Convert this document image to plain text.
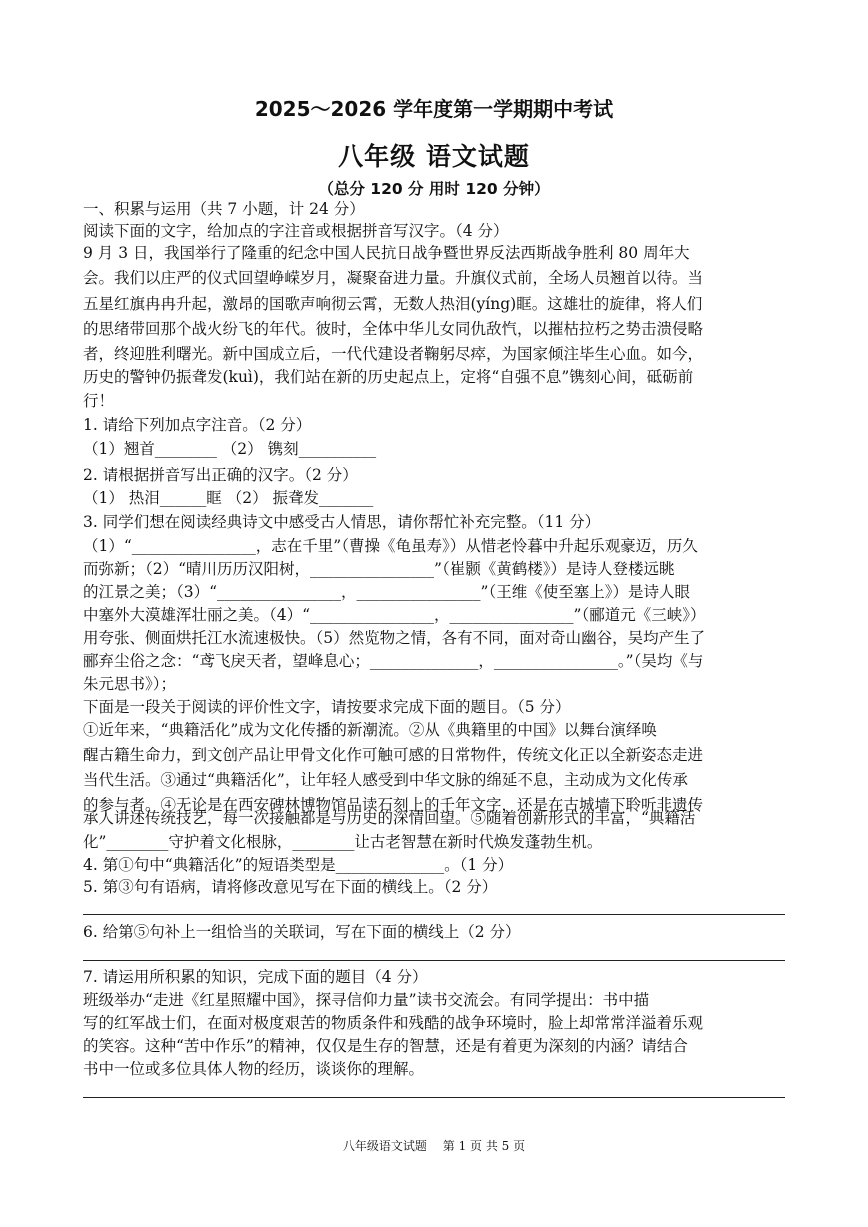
2025～2026 学年度第一学期期中考试
八年级 语文试题
（总分 120 分 用时 120 分钟）
一、积累与运用（共 7 小题，计 24 分）
阅读下面的文字，给加点的字注音或根据拼音写汉字。（4 分）
9 月 3 日，我国举行了隆重的纪念中国人民抗日战争暨世界反法西斯战争胜利 80 周年大
会。我们以庄严的仪式回望峥嵘岁月，凝聚奋进力量。升旗仪式前，全场人员翘首以待。当
五星红旗冉冉升起，激昂的国歌声响彻云霄，无数人热泪(yíng)眶。这雄壮的旋律，将人们
的思绪带回那个战火纷飞的年代。彼时，全体中华儿女同仇敌忾，以摧枯拉朽之势击溃侵略
者，终迎胜利曙光。新中国成立后，一代代建设者鞠躬尽瘁，为国家倾注毕生心血。如今，
历史的警钟仍振聋发(kuì)，我们站在新的历史起点上，定将“自强不息”镌刻心间，砥砺前
行！
1. 请给下列加点字注音。（2 分）
（1）翘首________ （2） 镌刻__________
2. 请根据拼音写出正确的汉字。（2 分）
（1） 热泪______眶 （2） 振聋发_______
3. 同学们想在阅读经典诗文中感受古人情思，请你帮忙补充完整。（11 分）
（1）“________________，志在千里”（曹操《龟虽寿》）从惜老怜暮中升起乐观豪迈，历久
而弥新；（2）“晴川历历汉阳树，________________”（崔颢《黄鹤楼》）是诗人登楼远眺
的江景之美；（3）“________________，________________”（王维《使至塞上》）是诗人眼
中塞外大漠雄浑壮丽之美。（4）“________________，________________”（郦道元《三峡》）
用夸张、侧面烘托江水流速极快。（5）然览物之情，各有不同，面对奇山幽谷，吴均产生了
郦弃尘俗之念：“鸢飞戾天者，望峰息心；______________，________________。”（吴均《与
朱元思书》）；
下面是一段关于阅读的评价性文字，请按要求完成下面的题目。（5 分）
①近年来，“典籍活化”成为文化传播的新潮流。②从《典籍里的中国》以舞台演绎唤
醒古籍生命力，到文创产品让甲骨文化作可触可感的日常物件，传统文化正以全新姿态走进
当代生活。③通过“典籍活化”，让年轻人感受到中华文脉的绵延不息，主动成为文化传承
的参与者。④无论是在西安碑林博物馆品读石刻上的千年文字，还是在古城墙下聆听非遗传
承人讲述传统技艺，每一次接触都是与历史的深情回望。⑤随着创新形式的丰富，“典籍活
化”________守护着文化根脉，________让古老智慧在新时代焕发蓬勃生机。
4. 第①句中“典籍活化”的短语类型是______________。（1 分）
5. 第③句有语病，请将修改意见写在下面的横线上。（2 分）
6. 给第⑤句补上一组恰当的关联词，写在下面的横线上（2 分）
7. 请运用所积累的知识，完成下面的题目（4 分）
班级举办“走进《红星照耀中国》，探寻信仰力量”读书交流会。有同学提出：书中描
写的红军战士们，在面对极度艰苦的物质条件和残酷的战争环境时，脸上却常常洋溢着乐观
的笑容。这种“苦中作乐”的精神，仅仅是生存的智慧，还是有着更为深刻的内涵？请结合
书中一位或多位具体人物的经历，谈谈你的理解。
八年级语文试题 第 1 页 共 5 页
